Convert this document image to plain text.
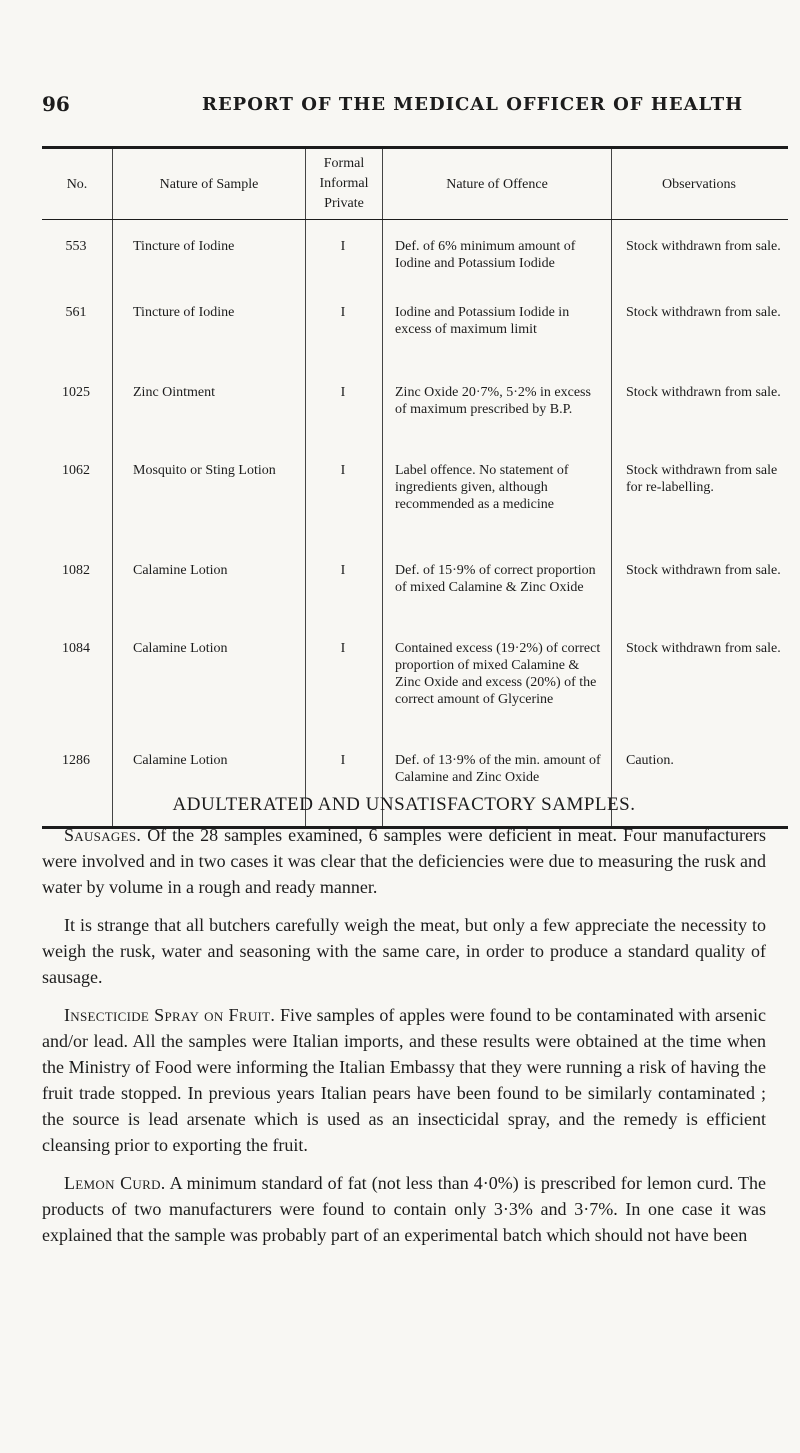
96	REPORT OF THE MEDICAL OFFICER OF HEALTH
No.	Nature of Sample	Formal Informal Private	Nature of Offence	Observations
553	Tincture of Iodine	I	Def. of 6% minimum amount of Iodine and Potassium Iodide	Stock withdrawn from sale.
561	Tincture of Iodine	I	Iodine and Potassium Iodide in excess of maximum limit	Stock withdrawn from sale.
1025	Zinc Ointment	I	Zinc Oxide 20·7%, 5·2% in excess of maximum prescribed by B.P.	Stock withdrawn from sale.
1062	Mosquito or Sting Lotion	I	Label offence. No statement of ingredients given, although recommended as a medicine	Stock withdrawn from sale for re-labelling.
1082	Calamine Lotion	I	Def. of 15·9% of correct proportion of mixed Calamine & Zinc Oxide	Stock withdrawn from sale.
1084	Calamine Lotion	I	Contained excess (19·2%) of correct proportion of mixed Calamine & Zinc Oxide and excess (20%) of the correct amount of Glycerine	Stock withdrawn from sale.
1286	Calamine Lotion	I	Def. of 13·9% of the min. amount of Calamine and Zinc Oxide	Caution.

ADULTERATED AND UNSATISFACTORY SAMPLES.

Sausages. Of the 28 samples examined, 6 samples were deficient in meat. Four manufacturers were involved and in two cases it was clear that the deficiencies were due to measuring the rusk and water by volume in a rough and ready manner.

It is strange that all butchers carefully weigh the meat, but only a few appreciate the necessity to weigh the rusk, water and seasoning with the same care, in order to produce a standard quality of sausage.

Insecticide Spray on Fruit. Five samples of apples were found to be contaminated with arsenic and/or lead. All the samples were Italian imports, and these results were obtained at the time when the Ministry of Food were informing the Italian Embassy that they were running a risk of having the fruit trade stopped. In previous years Italian pears have been found to be similarly contaminated ; the source is lead arsenate which is used as an insecticidal spray, and the remedy is efficient cleansing prior to exporting the fruit.

Lemon Curd. A minimum standard of fat (not less than 4·0%) is prescribed for lemon curd. The products of two manufacturers were found to contain only 3·3% and 3·7%. In one case it was explained that the sample was probably part of an experimental batch which should not have been
